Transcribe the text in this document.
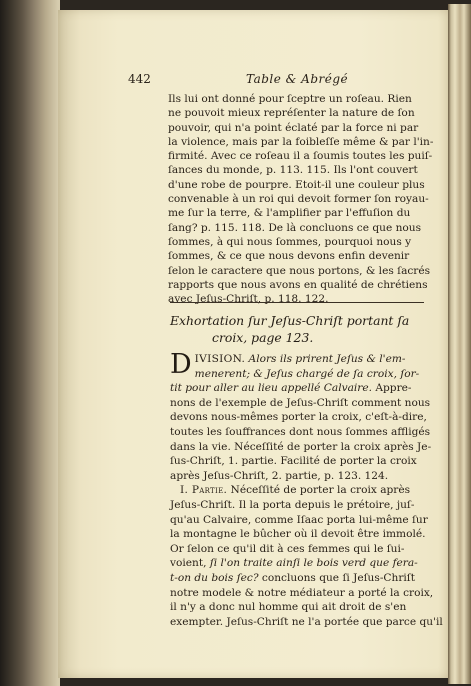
442	Table & Abrégé
Ils lui ont donné pour ſceptre un roſeau. Rien
ne pouvoit mieux repréſenter la nature de ſon
pouvoir, qui n'a point éclaté par la force ni par
la violence, mais par la foibleſſe même & par l'in-
firmité. Avec ce roſeau il a ſoumis toutes les puiſ-
ſances du monde, p. 113. 115. Ils l'ont couvert
d'une robe de pourpre. Etoit-il une couleur plus
convenable à un roi qui devoit former ſon royau-
me ſur la terre, & l'amplifier par l'effuſion du
ſang? p. 115. 118. De là concluons ce que nous
ſommes, à qui nous ſommes, pourquoi nous y
ſommes, & ce que nous devons enfin devenir
ſelon le caractere que nous portons, & les ſacrés
rapports que nous avons en qualité de chrétiens
avec Jeſus-Chriſt, p. 118. 122.
Exhortation ſur Jeſus-Chriſt portant ſa
croix, page 123.
D IVISION. Alors ils prirent Jeſus & l'em-
menerent; & Jeſus chargé de ſa croix, ſor-
tit pour aller au lieu appellé Calvaire. Appre-
nons de l'exemple de Jeſus-Chriſt comment nous
devons nous-mêmes porter la croix, c'eſt-à-dire,
toutes les ſouffrances dont nous ſommes affligés
dans la vie. Néceſſité de porter la croix après Je-
ſus-Chriſt, 1. partie. Facilité de porter la croix
après Jeſus-Chriſt, 2. partie, p. 123. 124.
I. Partie. Néceſſité de porter la croix après
Jeſus-Chriſt. Il la porta depuis le prétoire, juſ-
qu'au Calvaire, comme Iſaac porta lui-même ſur
la montagne le bûcher où il devoit être immolé.
Or ſelon ce qu'il dit à ces femmes qui le ſui-
voient, ſi l'on traite ainſi le bois verd que fera-
t-on du bois ſec? concluons que ſi Jeſus-Chriſt
notre modele & notre médiateur a porté la croix,
il n'y a donc nul homme qui ait droit de s'en
exempter. Jeſus-Chriſt ne l'a portée que parce qu'il
